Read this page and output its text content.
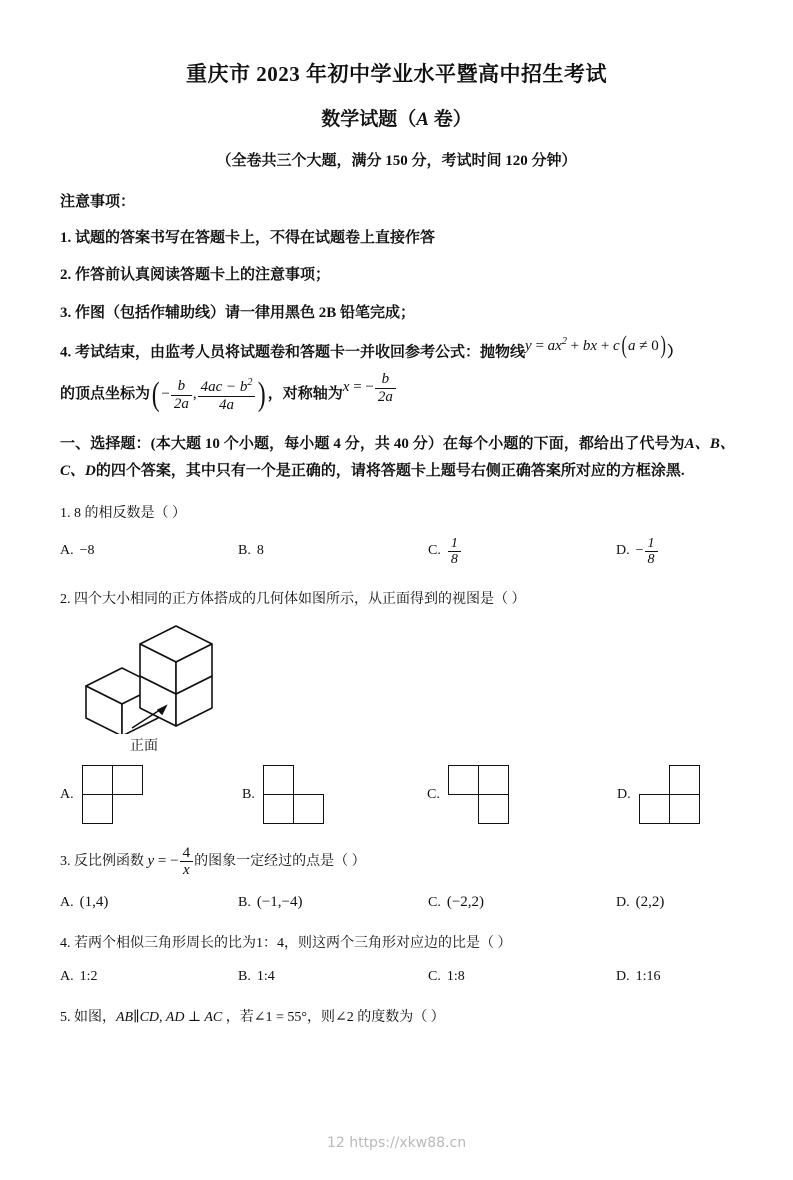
重庆市 2023 年初中学业水平暨高中招生考试
数学试题（A 卷）
（全卷共三个大题，满分 150 分，考试时间 120 分钟）
注意事项：
1. 试题的答案书写在答题卡上，不得在试题卷上直接作答
2. 作答前认真阅读答题卡上的注意事项；
3. 作图（包括作辅助线）请一律用黑色 2B 铅笔完成；
4. 考试结束，由监考人员将试题卷和答题卡一并收回参考公式：抛物线$y = ax^2$ + bx + c(a ≠ 0)）
的顶点坐标为( − $\frac{b}{2a}$ , $\frac{4ac - b^2}{4a}$ ) ，对称轴为x = − $\frac{b}{2a}$
一、选择题：(本大题 10 个小题，每小题 4 分，共 40 分）在每个小题的下面，都给出了代号为A、B、C、D的四个答案，其中只有一个是正确的，请将答题卡上题号右侧正确答案所对应的方框涂黑.
1. 8 的相反数是（ ）
A. −8	B. 8	C. $\frac{1}{8}$	D. − $\frac{1}{8}$
2. 四个大小相同的正方体搭成的几何体如图所示，从正面得到的视图是（ ）
正面
A.	B.	C.	D.
3. 反比例函数 y = − $\frac{4}{x}$ 的图象一定经过的点是（ ）
A. (1,4)	B. (−1,−4)	C. (−2,2)	D. (2,2)
4. 若两个相似三角形周长的比为1：4，则这两个三角形对应边的比是（ ）
A. 1:2	B. 1:4	C. 1:8	D. 1:16
5. 如图，AB∥CD, AD ⊥ AC ，若∠1 = 55°，则∠2 的度数为（ ）
12 https://xkw88.cn
